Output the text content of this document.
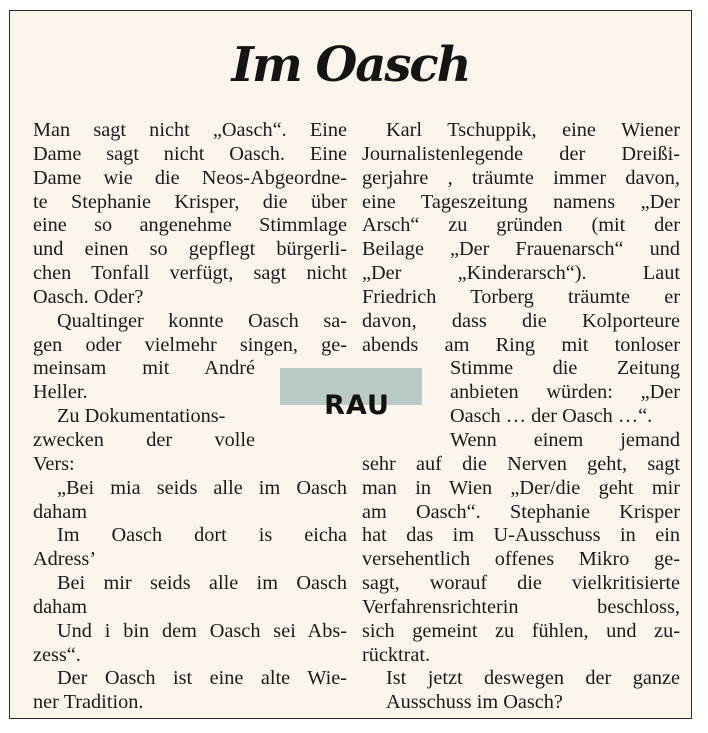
Im Oasch
Man sagt nicht „Oasch“. Eine
Dame sagt nicht Oasch. Eine
Dame wie die Neos-Abgeordne-
te Stephanie Krisper, die über
eine so angenehme Stimmlage
und einen so gepflegt bürgerli-
chen Tonfall verfügt, sagt nicht
Oasch. Oder?
Qualtinger konnte Oasch sa-
gen oder vielmehr singen, ge-
meinsam mit André
Heller.
Zu Dokumentations-
zwecken der volle
Vers:
„Bei mia seids alle im Oasch
daham
Im Oasch dort is eicha
Adress’
Bei mir seids alle im Oasch
daham
Und i bin dem Oasch sei Abs-
zess“.
Der Oasch ist eine alte Wie-
ner Tradition.
Karl Tschuppik, eine Wiener
Journalistenlegende der Dreißi-
gerjahre , träumte immer davon,
eine Tageszeitung namens „Der
Arsch“ zu gründen (mit der
Beilage „Der Frauenarsch“ und
„Der „Kinderarsch“). Laut
Friedrich Torberg träumte er
davon, dass die Kolporteure
abends am Ring mit tonloser
Stimme die Zeitung
anbieten würden: „Der
Oasch … der Oasch …“.
Wenn einem jemand
sehr auf die Nerven geht, sagt
man in Wien „Der/die geht mir
am Oasch“. Stephanie Krisper
hat das im U-Ausschuss in ein
versehentlich offenes Mikro ge-
sagt, worauf die vielkritisierte
Verfahrensrichterin beschloss,
sich gemeint zu fühlen, und zu-
rücktrat.
Ist jetzt deswegen der ganze
Ausschuss im Oasch?
RAU
